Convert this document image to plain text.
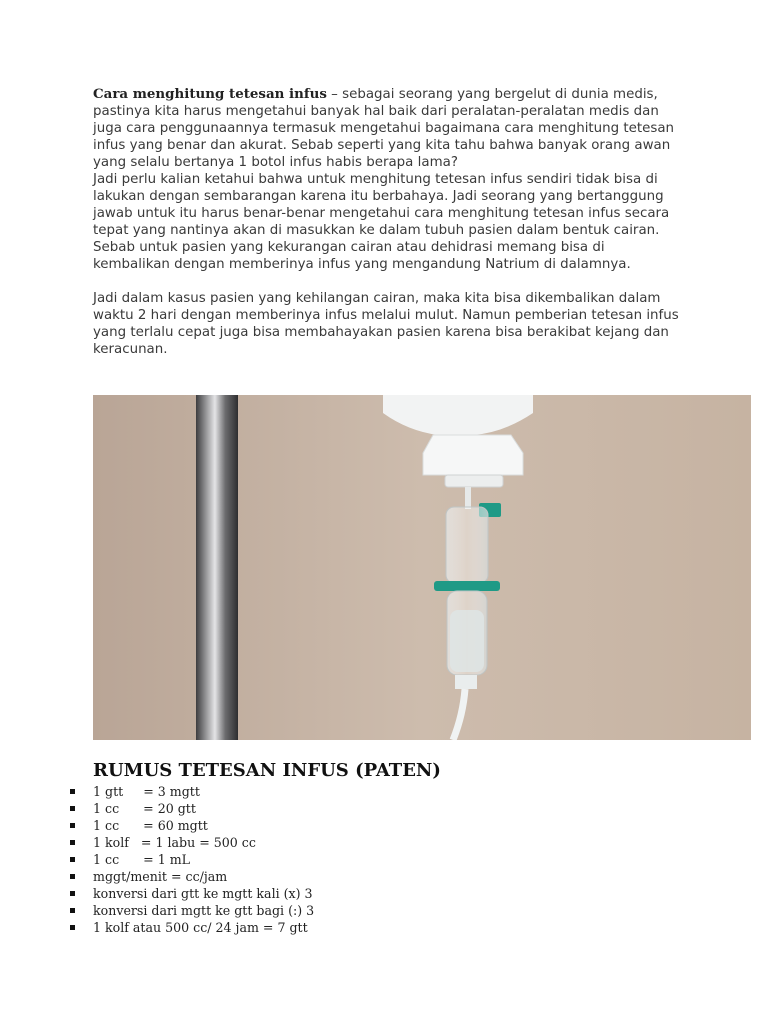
Cara menghitung tetesan infus – sebagai seorang yang bergelut di dunia medis, pastinya kita harus mengetahui banyak hal baik dari peralatan-peralatan medis dan juga cara penggunaannya termasuk mengetahui bagaimana cara menghitung tetesan infus yang benar dan akurat. Sebab seperti yang kita tahu bahwa banyak orang awan yang selalu bertanya 1 botol infus habis berapa lama?

Jadi perlu kalian ketahui bahwa untuk menghitung tetesan infus sendiri tidak bisa di lakukan dengan sembarangan karena itu berbahaya. Jadi seorang yang bertanggung jawab untuk itu harus benar-benar mengetahui cara menghitung tetesan infus secara tepat yang nantinya akan di masukkan ke dalam tubuh pasien dalam bentuk cairan. Sebab untuk pasien yang kekurangan cairan atau dehidrasi memang bisa di kembalikan dengan memberinya infus yang mengandung Natrium di dalamnya.

Jadi dalam kasus pasien yang kehilangan cairan, maka kita bisa dikembalikan dalam waktu 2 hari dengan memberinya infus melalui mulut. Namun pemberian tetesan infus yang terlalu cepat juga bisa membahayakan pasien karena bisa berakibat kejang dan keracunan.

RUMUS TETESAN INFUS (PATEN)
1 gtt     = 3 mgtt
1 cc      = 20 gtt
1 cc      = 60 mgtt
1 kolf   = 1 labu = 500 cc
1 cc      = 1 mL
mggt/menit = cc/jam
konversi dari gtt ke mgtt kali (x) 3
konversi dari mgtt ke gtt bagi (:) 3
1 kolf atau 500 cc/ 24 jam = 7 gtt
